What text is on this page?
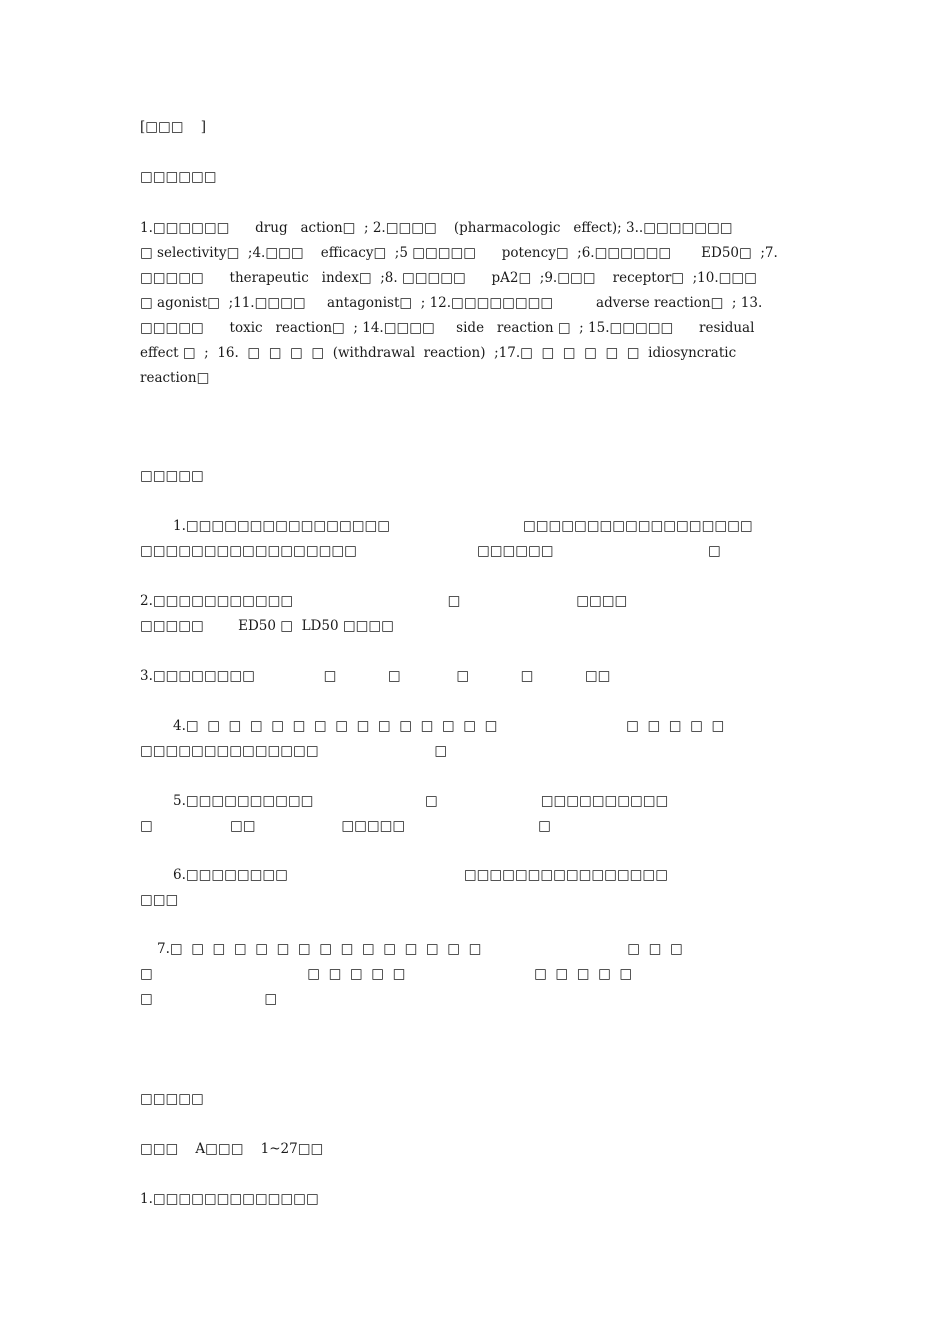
[□□□    ]
□□□□□□
1.□□□□□□      drug   action□  ; 2.□□□□    (pharmacologic   effect); 3..□□□□□□□
□ selectivity□  ;4.□□□    efficacy□  ;5 □□□□□      potency□  ;6.□□□□□□       ED50□  ;7.
□□□□□      therapeutic   index□  ;8. □□□□□      pA2□  ;9.□□□    receptor□  ;10.□□□
□ agonist□  ;11.□□□□     antagonist□  ; 12.□□□□□□□□          adverse reaction□  ; 13.
□□□□□      toxic   reaction□  ; 14.□□□□     side   reaction □  ; 15.□□□□□      residual
effect □  ;  16.  □  □  □  □  (withdrawal  reaction)  ;17.□  □  □  □  □  □  idiosyncratic
reaction□
□□□□□
1.□□□□□□□□□□□□□□□□                               □□□□□□□□□□□□□□□□□□
□□□□□□□□□□□□□□□□□                            □□□□□□                                    □
2.□□□□□□□□□□□                                    □                           □□□□
□□□□□        ED50 □  LD50 □□□□
3.□□□□□□□□                □            □             □            □            □□
4.□  □  □  □  □  □  □  □  □  □  □  □  □  □  □                              □  □  □  □  □
□□□□□□□□□□□□□□                           □
5.□□□□□□□□□□                          □                        □□□□□□□□□□
□                  □□                    □□□□□                               □
6.□□□□□□□□                                         □□□□□□□□□□□□□□□□
□□□
7.□  □  □  □  □  □  □  □  □  □  □  □  □  □  □                                  □  □  □
□                                    □  □  □  □  □                              □  □  □  □  □
□                          □
□□□□□
□□□    A□□□    1~27□□
1.□□□□□□□□□□□□□
